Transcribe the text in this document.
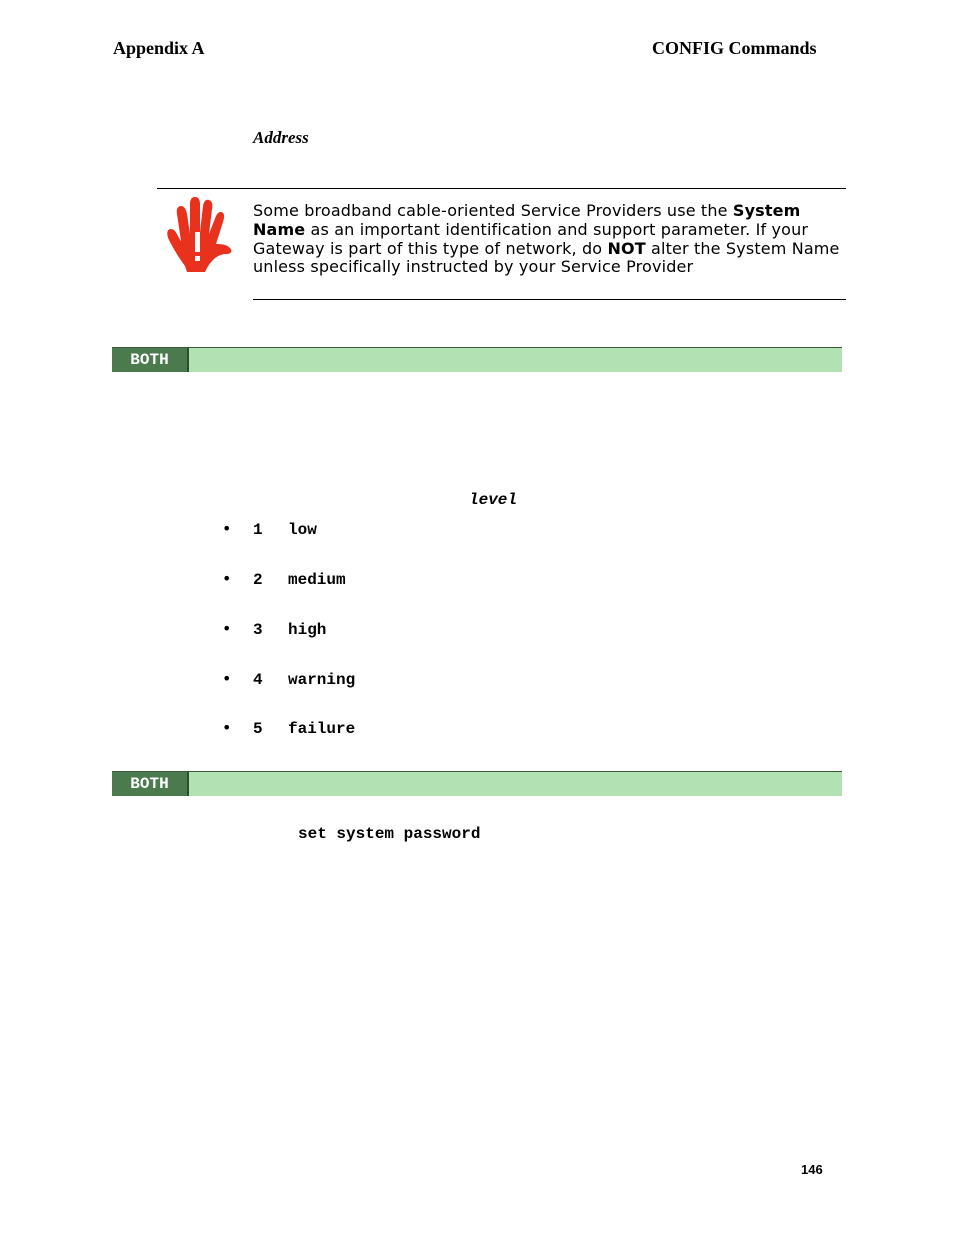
Appendix A	CONFIG Commands
Address
Some broadband cable-oriented Service Providers use the System Name as an important identification and support parameter. If your Gateway is part of this type of network, do NOT alter the System Name unless specifically instructed by your Service Provider
BOTH
level
• 1 low
• 2 medium
• 3 high
• 4 warning
• 5 failure
BOTH
set system password
146
